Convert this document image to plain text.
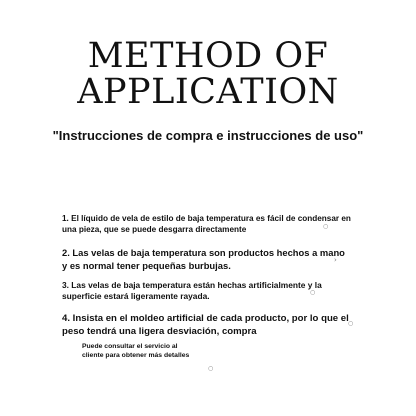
METHOD OF
APPLICATION

"Instrucciones de compra e instrucciones de uso"

1. El líquido de vela de estilo de baja temperatura es fácil de condensar en una pieza, que se puede desgarra directamente	○

2. Las velas de baja temperatura son productos hechos a mano y es normal tener pequeñas burbujas.	›

3. Las velas de baja temperatura están hechas artificialmente y la superficie estará ligeramente rayada.	○

4. Insista en el moldeo artificial de cada producto, por lo que el peso tendrá una ligera desviación, compra

○

Puede consultar el servicio al cliente para obtener más detalles

○
